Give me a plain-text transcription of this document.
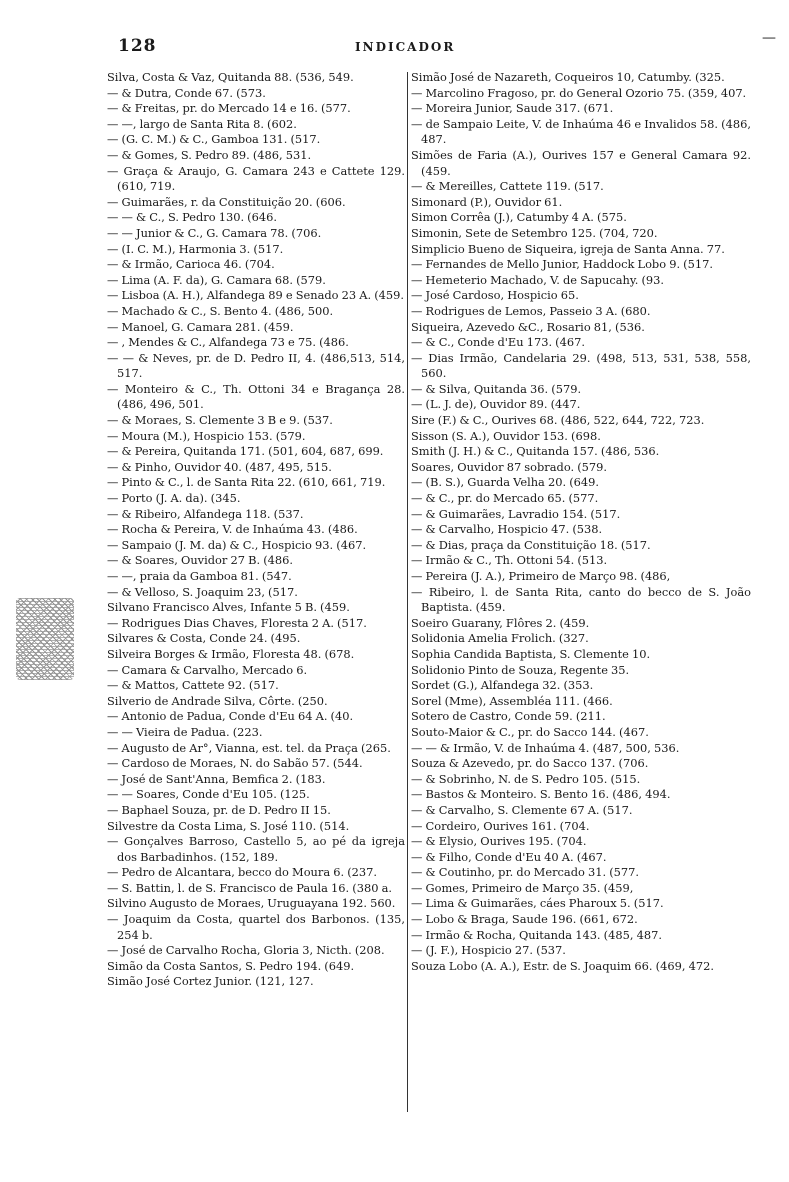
128	INDICADOR
—

Silva, Costa & Vaz, Quitanda 88. (536, 549.

— & Dutra, Conde 67. (573.

— & Freitas, pr. do Mercado 14 e 16. (577.

— —, largo de Santa Rita 8. (602.

— (G. C. M.) & C., Gamboa 131. (517.

— & Gomes, S. Pedro 89. (486, 531.

— Graça & Araujo, G. Camara 243 e Cattete 129. (610, 719.

— Guimarães, r. da Constituição 20. (606.

— — & C., S. Pedro 130. (646.

— — Junior & C., G. Camara 78. (706.

— (I. C. M.), Harmonia 3. (517.

— & Irmão, Carioca 46. (704.

— Lima (A. F. da), G. Camara 68. (579.

— Lisboa (A. H.), Alfandega 89 e Senado 23 A. (459.

— Machado & C., S. Bento 4. (486, 500.

— Manoel, G. Camara 281. (459.

— , Mendes & C., Alfandega 73 e 75. (486.

— — & Neves, pr. de D. Pedro II, 4. (486,513, 514, 517.

— Monteiro & C., Th. Ottoni 34 e Bragança 28. (486, 496, 501.

— & Moraes, S. Clemente 3 B e 9. (537.

— Moura (M.), Hospicio 153. (579.

— & Pereira, Quitanda 171. (501, 604, 687, 699.

— & Pinho, Ouvidor 40. (487, 495, 515.

— Pinto & C., l. de Santa Rita 22. (610, 661, 719.

— Porto (J. A. da). (345.

— & Ribeiro, Alfandega 118. (537.

— Rocha & Pereira, V. de Inhaúma 43. (486.

— Sampaio (J. M. da) & C., Hospicio 93. (467.

— & Soares, Ouvidor 27 B. (486.

— —, praia da Gamboa 81. (547.

— & Velloso, S. Joaquim 23, (517.

Silvano Francisco Alves, Infante 5 B. (459.

— Rodrigues Dias Chaves, Floresta 2 A. (517.

Silvares & Costa, Conde 24. (495.

Silveira Borges & Irmão, Floresta 48. (678.

— Camara & Carvalho, Mercado 6.

— & Mattos, Cattete 92. (517.

Silverio de Andrade Silva, Côrte. (250.

— Antonio de Padua, Conde d'Eu 64 A. (40.

— — Vieira de Padua. (223.

— Augusto de Ar°, Vianna, est. tel. da Praça (265.

— Cardoso de Moraes, N. do Sabão 57. (544.

— José de Sant'Anna, Bemfica 2. (183.

— — Soares, Conde d'Eu 105. (125.

— Baphael Souza, pr. de D. Pedro II 15.

Silvestre da Costa Lima, S. José 110. (514.

— Gonçalves Barroso, Castello 5, ao pé da igreja dos Barbadinhos. (152, 189.

— Pedro de Alcantara, becco do Moura 6. (237.

— S. Battin, l. de S. Francisco de Paula 16. (380 a.

Silvino Augusto de Moraes, Uruguayana 192. 560.

— Joaquim da Costa, quartel dos Barbonos. (135, 254 b.

— José de Carvalho Rocha, Gloria 3, Nicth. (208.

Simão da Costa Santos, S. Pedro 194. (649.

Simão José Cortez Junior. (121, 127.

Simão José de Nazareth, Coqueiros 10, Catumby. (325.

— Marcolino Fragoso, pr. do General Ozorio 75. (359, 407.

— Moreira Junior, Saude 317. (671.

— de Sampaio Leite, V. de Inhaúma 46 e Invalidos 58. (486, 487.

Simões de Faria (A.), Ourives 157 e General Camara 92. (459.

— & Mereilles, Cattete 119. (517.

Simonard (P.), Ouvidor 61.

Simon Corrêa (J.), Catumby 4 A. (575.

Simonin, Sete de Setembro 125. (704, 720.

Simplicio Bueno de Siqueira, igreja de Santa Anna. 77.

— Fernandes de Mello Junior, Haddock Lobo 9. (517.

— Hemeterio Machado, V. de Sapucahy. (93.

— José Cardoso, Hospicio 65.

— Rodrigues de Lemos, Passeio 3 A. (680.

Siqueira, Azevedo &C., Rosario 81, (536.

— & C., Conde d'Eu 173. (467.

— Dias Irmão, Candelaria 29. (498, 513, 531, 538, 558, 560.

— & Silva, Quitanda 36. (579.

— (L. J. de), Ouvidor 89. (447.

Sire (F.) & C., Ourives 68. (486, 522, 644, 722, 723.

Sisson (S. A.), Ouvidor 153. (698.

Smith (J. H.) & C., Quitanda 157. (486, 536.

Soares, Ouvidor 87 sobrado. (579.

— (B. S.), Guarda Velha 20. (649.

— & C., pr. do Mercado 65. (577.

— & Guimarães, Lavradio 154. (517.

— & Carvalho, Hospicio 47. (538.

— & Dias, praça da Constituição 18. (517.

— Irmão & C., Th. Ottoni 54. (513.

— Pereira (J. A.), Primeiro de Março 98. (486,

— Ribeiro, l. de Santa Rita, canto do becco de S. João Baptista. (459.

Soeiro Guarany, Flôres 2. (459.

Solidonia Amelia Frolich. (327.

Sophia Candida Baptista, S. Clemente 10.

Solidonio Pinto de Souza, Regente 35.

Sordet (G.), Alfandega 32. (353.

Sorel (Mme), Assembléa 111. (466.

Sotero de Castro, Conde 59. (211.

Souto-Maior & C., pr. do Sacco 144. (467.

— — & Irmão, V. de Inhaúma 4. (487, 500, 536.

Souza & Azevedo, pr. do Sacco 137. (706.

— & Sobrinho, N. de S. Pedro 105. (515.

— Bastos & Monteiro. S. Bento 16. (486, 494.

— & Carvalho, S. Clemente 67 A. (517.

— Cordeiro, Ourives 161. (704.

— & Elysio, Ourives 195. (704.

— & Filho, Conde d'Eu 40 A. (467.

— & Coutinho, pr. do Mercado 31. (577.

— Gomes, Primeiro de Março 35. (459,

— Lima & Guimarães, cáes Pharoux 5. (517.

— Lobo & Braga, Saude 196. (661, 672.

— Irmão & Rocha, Quitanda 143. (485, 487.

— (J. F.), Hospicio 27. (537.

Souza Lobo (A. A.), Estr. de S. Joaquim 66. (469, 472.
